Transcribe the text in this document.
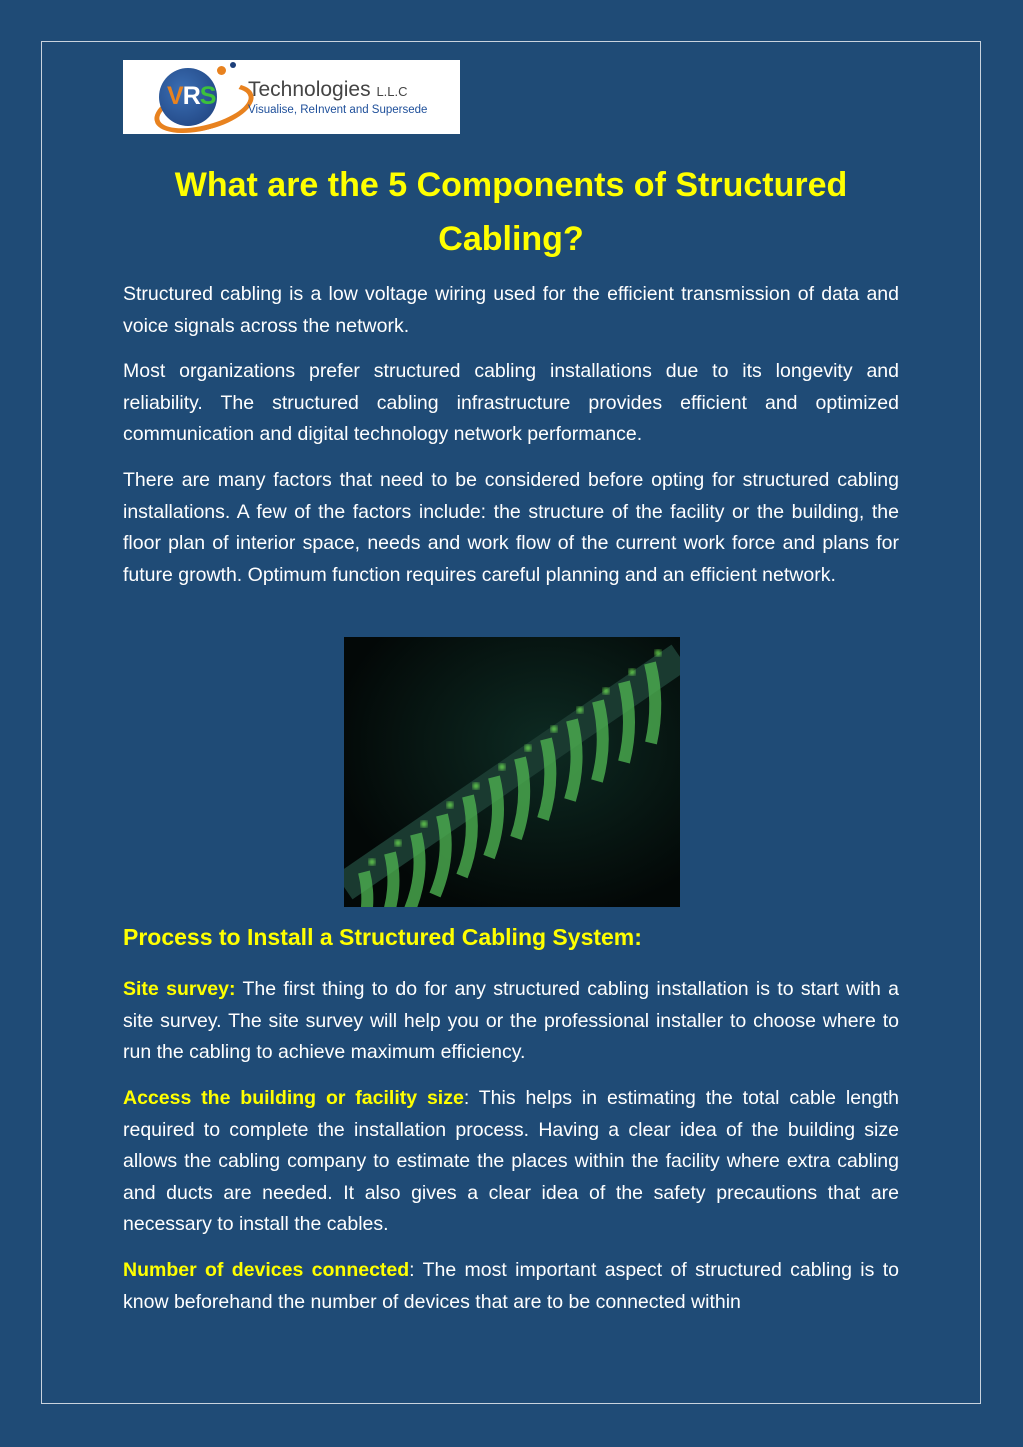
VRS Technologies L.L.C
Visualise, ReInvent and Supersede
What are the 5 Components of Structured Cabling?

Structured cabling is a low voltage wiring used for the efficient transmission of data and voice signals across the network.

Most organizations prefer structured cabling installations due to its longevity and reliability. The structured cabling infrastructure provides efficient and optimized communication and digital technology network performance.

There are many factors that need to be considered before opting for structured cabling installations. A few of the factors include: the structure of the facility or the building, the floor plan of interior space, needs and work flow of the current work force and plans for future growth. Optimum function requires careful planning and an efficient network.

Process to Install a Structured Cabling System:

Site survey: The first thing to do for any structured cabling installation is to start with a site survey. The site survey will help you or the professional installer to choose where to run the cabling to achieve maximum efficiency.

Access the building or facility size: This helps in estimating the total cable length required to complete the installation process. Having a clear idea of the building size allows the cabling company to estimate the places within the facility where extra cabling and ducts are needed. It also gives a clear idea of the safety precautions that are necessary to install the cables.

Number of devices connected: The most important aspect of structured cabling is to know beforehand the number of devices that are to be connected within
